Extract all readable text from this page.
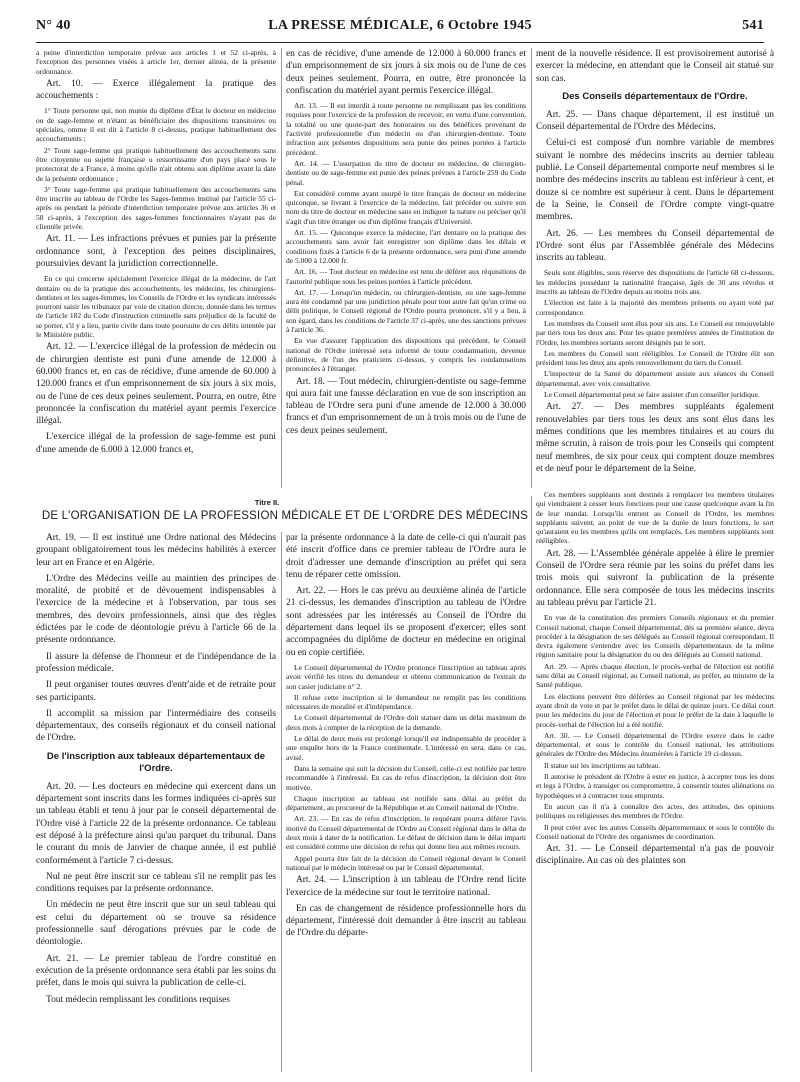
N° 40	LA PRESSE MÉDICALE, 6 Octobre 1945	541

a peine d'interdiction temporaire prévue aux articles 1 et 52 ci-après, à l'exception des personnes visées à article 1er, dernier alinéa, de la présente ordonnance.

Art. 10. — Exerce illégalement la pratique des accouchements :

1° Toute personne qui, non munie du diplôme d'État le docteur en médecine ou de sage-femme et n'étant as bénéficiaire des dispositions transitoires ou spéciales, omme il est dit à l'article 8 ci-dessus, pratique habituellement des accouchements ;

2° Toute sage-femme qui pratique habituellement des accouchements sans être citoyenne ou sujette française u ressortissante d'un pays placé sous le protectorat de a France, à moins qu'elle n'ait obtenu son diplôme avant la date de la présente ordonnance ;

3° Toute sage-femme qui pratique habituellement des accouchements sans être inscrite au tableau de l'Ordre les Sages-femmes institué par l'article 55 ci-après ou pendant la période d'interdiction temporaire prévue aux articles 36 et 58 ci-après, à l'exception des sages-femmes fonctionnaires n'ayant pas de clientèle privée.

Art. 11. — Les infractions prévues et punies par la présente ordonnance sont, à l'exception des peines disciplinaires, poursuivies devant la juridiction correctionnelle.

En ce qui concerne spécialement l'exercice illégal de la médecine, de l'art dentaire ou de la pratique des accouchements, les médecins, les chirurgiens-dentistes et les sages-femmes, les Conseils de l'Ordre et les syndicats intéressés pourront saisir les tribunaux par voie de citation directe, donnée dans les termes de l'article 182 du Code d'instruction criminelle sans préjudice de la faculté de se porter, s'il y a lieu, partie civile dans toute poursuite de ces délits intentée par le Ministère public.

Art. 12. — L'exercice illégal de la profession de médecin ou de chirurgien dentiste est puni d'une amende de 12.000 à 60.000 francs et, en cas de récidive, d'une amende de 60.000 à 120.000 francs et d'un emprisonnement de six jours à six mois, ou de l'une de ces deux peines seulement. Pourra, en outre, être prononcée la confiscation du matériel ayant permis l'exercice illégal.

L'exercice illégal de la profession de sage-femme est puni d'une amende de 6.000 à 12.000 francs et,

en cas de récidive, d'une amende de 12.000 à 60.000 francs et d'un emprisonnement de six jours à six mois ou de l'une de ces deux peines seulement. Pourra, en outre, être prononcée la confiscation du matériel ayant permis l'exercice illégal.

Art. 13. — Il est interdit à toute personne ne remplissant pas les conditions requises pour l'exercice de la profession de recevoir, en vertu d'une convention, la totalité ou une quote-part des honoraires ou des bénéfices provenant de l'activité professionnelle d'un médecin ou d'un chirurgien-dentiste. Toute infraction aux présentes dispositions sera punie des peines portées à l'article précédent.

Art. 14. — L'usurpation du titre de docteur en médecine, de chirurgien-dentiste ou de sage-femme est punie des peines prévues à l'article 259 du Code pénal.

Est considéré comme ayant usurpé le titre français de docteur en médecine quiconque, se livrant à l'exercice de la médecine, fait précéder ou suivre son nom du titre de docteur en médecine sans en indiquer la nature ou préciser qu'il s'agit d'un titre étranger ou d'un diplôme français d'Université.

Art. 15. — Quiconque exerce la médecine, l'art dentaire ou la pratique des accouchements sans avoir fait enregistrer son diplôme dans les délais et conditions fixés à l'article 6 de la présente ordonnance, sera puni d'une amende de 5.000 à 12.000 fr.

Art. 16. — Tout docteur en médecine est tenu de déférer aux réquisitions de l'autorité publique sous les peines portées à l'article précédent.

Art. 17. — Lorsqu'un médecin, ou chirurgien-dentiste, ou une sage-femme aura été condamné par une juridiction pénale pour tout autre fait qu'un crime ou délit politique, le Conseil régional de l'Ordre pourra prononcer, s'il y a lieu, à son égard, dans les conditions de l'article 37 ci-après, une des sanctions prévues à l'article 36.

En vue d'assurer l'application des dispositions qui précèdent, le Conseil national de l'Ordre intéressé sera informé de toute condamnation, devenue définitive, de l'un des praticiens ci-dessus, y compris les condamnations prononcées à l'étranger.

Art. 18. — Tout médecin, chirurgien-dentiste ou sage-femme qui aura fait une fausse déclaration en vue de son inscription au tableau de l'Ordre sera puni d'une amende de 12.000 à 30.000 francs et d'un emprisonnement de un à trois mois ou de l'une de ces deux peines seulement.

ment de la nouvelle résidence. Il est provisoirement autorisé à exercer la médecine, en attendant que le Conseil ait statué sur son cas.

Des Conseils départementaux de l'Ordre.

Art. 25. — Dans chaque département, il est institué un Conseil départemental de l'Ordre des Médecins.

Celui-ci est composé d'un nombre variable de membres suivant le nombre des médecins inscrits au dernier tableau publié. Le Conseil départemental comporte neuf membres si le nombre des médecins inscrits au tableau est inférieur à cent, et douze si ce nombre est supérieur à cent. Dans le département de la Seine, le Conseil de l'Ordre compte vingt-quatre membres.

Art. 26. — Les membres du Conseil départemental de l'Ordre sont élus par l'Assemblée générale des Médecins inscrits au tableau.

Seuls sont éligibles, sous réserve des dispositions de l'article 68 ci-dessous, les médecins possédant la nationalité française, âgés de 30 ans révolus et inscrits au tableau de l'Ordre depuis au moins trois ans.

L'élection est faite à la majorité des membres présents ou ayant voté par correspondance.

Les membres du Conseil sont élus pour six ans. Le Conseil est renouvelable par tiers tous les deux ans. Pour les quatre premières années de l'institution de l'Ordre, les membres sortants seront désignés par le sort.

Les membres du Conseil sont rééligibles. Le Conseil de l'Ordre élit son président tous les deux ans après renouvellement du tiers du Conseil.

L'inspecteur de la Santé du département assiste aux séances du Conseil départemental, avec voix consultative.

Le Conseil départemental peut se faire assister d'un conseiller juridique.

Art. 27. — Des membres suppléants également renouvelables par tiers tous les deux ans sont élus dans les mêmes conditions que les membres titulaires et au cours du même scrutin, à raison de trois pour les Conseils qui comptent neuf membres, de six pour ceux qui comptent douze membres et de neuf pour le département de la Seine.

Titre II.
DE L'ORGANISATION DE LA PROFESSION MÉDICALE ET DE L'ORDRE DES MÉDECINS

Art. 19. — Il est institué une Ordre national des Médecins groupant obligatoirement tous les médecins habilités à exercer leur art en France et en Algérie.

L'Ordre des Médecins veille au maintien des principes de moralité, de probité et de dévouement indispensables à l'exercice de la médecine et à l'observation, par tous ses membres, des devoirs professionnels, ainsi que des règles édictées par le code de déontologie prévu à l'article 66 de la présente ordonnance.

Il assure la défense de l'honneur et de l'indépendance de la profession médicale.

Il peut organiser toutes œuvres d'entr'aide et de retraite pour ses participants.

Il accomplit sa mission par l'intermédiaire des conseils départementaux, des conseils régionaux et du conseil national de l'Ordre.

De l'inscription aux tableaux départementaux de l'Ordre.

Art. 20. — Les docteurs en médecine qui exercent dans un département sont inscrits dans les formes indiquées ci-après sur un tableau établi et tenu à jour par le conseil départemental de l'Ordre visé à l'article 22 de la présente ordonnance. Ce tableau est déposé à la préfecture ainsi qu'au parquet du tribunal. Dans le courant du mois de Janvier de chaque année, il est publié conformément à l'article 7 ci-dessus.

Nul ne peut être inscrit sur ce tableau s'il ne remplit pas les conditions requises par la présente ordonnance.

Un médecin ne peut être inscrit que sur un seul tableau qui est celui du département où se trouve sa résidence professionnelle sauf dérogations prévues par le code de déontologie.

Art. 21. — Le premier tableau de l'ordre constitué en exécution de la présente ordonnance sera établi par les soins du préfet, dans le mois qui suivra la publication de celle-ci.

Tout médecin remplissant les conditions requises

par la présente ordonnance à la date de celle-ci qui n'aurait pas été inscrit d'office dans ce premier tableau de l'Ordre aura le droit d'adresser une demande d'inscription au préfet qui sera tenu de réparer cette omission.

Art. 22. — Hors le cas prévu au deuxième alinéa de l'article 21 ci-dessus, les demandes d'inscription au tableau de l'Ordre sont adressées par les intéressés au Conseil de l'Ordre du département dans lequel ils se proposent d'exercer; elles sont accompagnées du diplôme de docteur en médecine en original ou en copie certifiée.

Le Conseil départemental de l'Ordre prononce l'inscription au tableau après avoir vérifié les titres du demandeur et obtenu communication de l'extrait de son casier judiciaire n° 2.

Il refuse cette inscription si le demandeur ne remplit pas les conditions nécessaires de moralité et d'indépendance.

Le Conseil départemental de l'Ordre doit statuer dans un délai maximum de deux mois à compter de la réception de la demande.

Le délai de deux mois est prolongé lorsqu'il est indispensable de procéder à une enquête hors de la France continentale. L'intéressé en sera, dans ce cas, avisé.

Dans la semaine qui suit la décision du Conseil, celle-ci est notifiée par lettre recommandée à l'intéressé. En cas de refus d'inscription, la décision doit être motivée.

Chaque inscription au tableau est notifiée sans délai au préfet du département, au procureur de la République et au Conseil national de l'Ordre.

Art. 23. — En cas de refus d'inscription, le requérant pourra déférer l'avis motivé du Conseil départemental de l'Ordre au Conseil régional dans le délai de deux mois à dater de la notification. Le défaut de décision dans le délai imparti est considéré comme une décision de refus qui donne lieu aux mêmes recours.

Appel pourra être fait de la décision du Conseil régional devant le Conseil national par le médecin intéressé ou par le Conseil départemental.

Art. 24. — L'inscription à un tableau de l'Ordre rend licite l'exercice de la médecine sur tout le territoire national.

En cas de changement de résidence professionnelle hors du département, l'intéressé doit demander à être inscrit au tableau de l'Ordre du départe-

Ces membres suppléants sont destinés à remplacer les membres titulaires qui viendraient à cesser leurs fonctions pour une cause quelconque avant la fin de leur mandat. Lorsqu'ils entrent au Conseil de l'Ordre, les membres suppléants suivent, au point de vue de la durée de leurs fonctions, le sort qu'auraient eu les membres qu'ils ont remplacés. Les membres suppléants sont rééligibles.

Art. 28. — L'Assemblée générale appelée à élire le premier Conseil de l'Ordre sera réunie par les soins du préfet dans les trois mois qui suivront la publication de la présente ordonnance. Elle sera composée de tous les médecins inscrits au tableau prévu par l'article 21.

En vue de la constitution des premiers Conseils régionaux et du premier Conseil national, chaque Conseil départemental, dès sa première séance, devra procéder à la désignation de ses délégués au Conseil régional correspondant. Il devra également s'entendre avec les Conseils départementaux de la même région sanitaire pour la désignation du ou des délégués au Conseil national.

Art. 29. — Après chaque élection, le procès-verbal de l'élection est notifié sans délai au Conseil régional, au Conseil national, au préfet, au ministre de la Santé publique.

Les élections peuvent être déférées au Conseil régional par les médecins ayant droit de vote et par le préfet dans le délai de quinze jours. Ce délai court pour les médecins du jour de l'élection et pour le préfet de la date à laquelle le procès-verbal de l'élection lui a été notifié.

Art. 30. — Le Conseil départemental de l'Ordre exerce dans le cadre départemental, et sous le contrôle du Conseil national, les attributions générales de l'Ordre des Médecins énumérées à l'article 19 ci-dessus.

Il statue sur les inscriptions au tableau.

Il autorise le président de l'Ordre à ester en justice, à accepter tous les dons et legs à l'Ordre, à transiger ou compromettre, à consentir toutes aliénations ou hypothèques et à contracter tous emprunts.

En aucun cas il n'a à connaître des actes, des attitudes, des opinions politiques ou religieuses des membres de l'Ordre.

Il peut créer avec les autres Conseils départementaux et sous le contrôle du Conseil national de l'Ordre des organismes de coordination.

Art. 31. — Le Conseil départemental n'a pas de pouvoir disciplinaire. Au cas où des plaintes son
